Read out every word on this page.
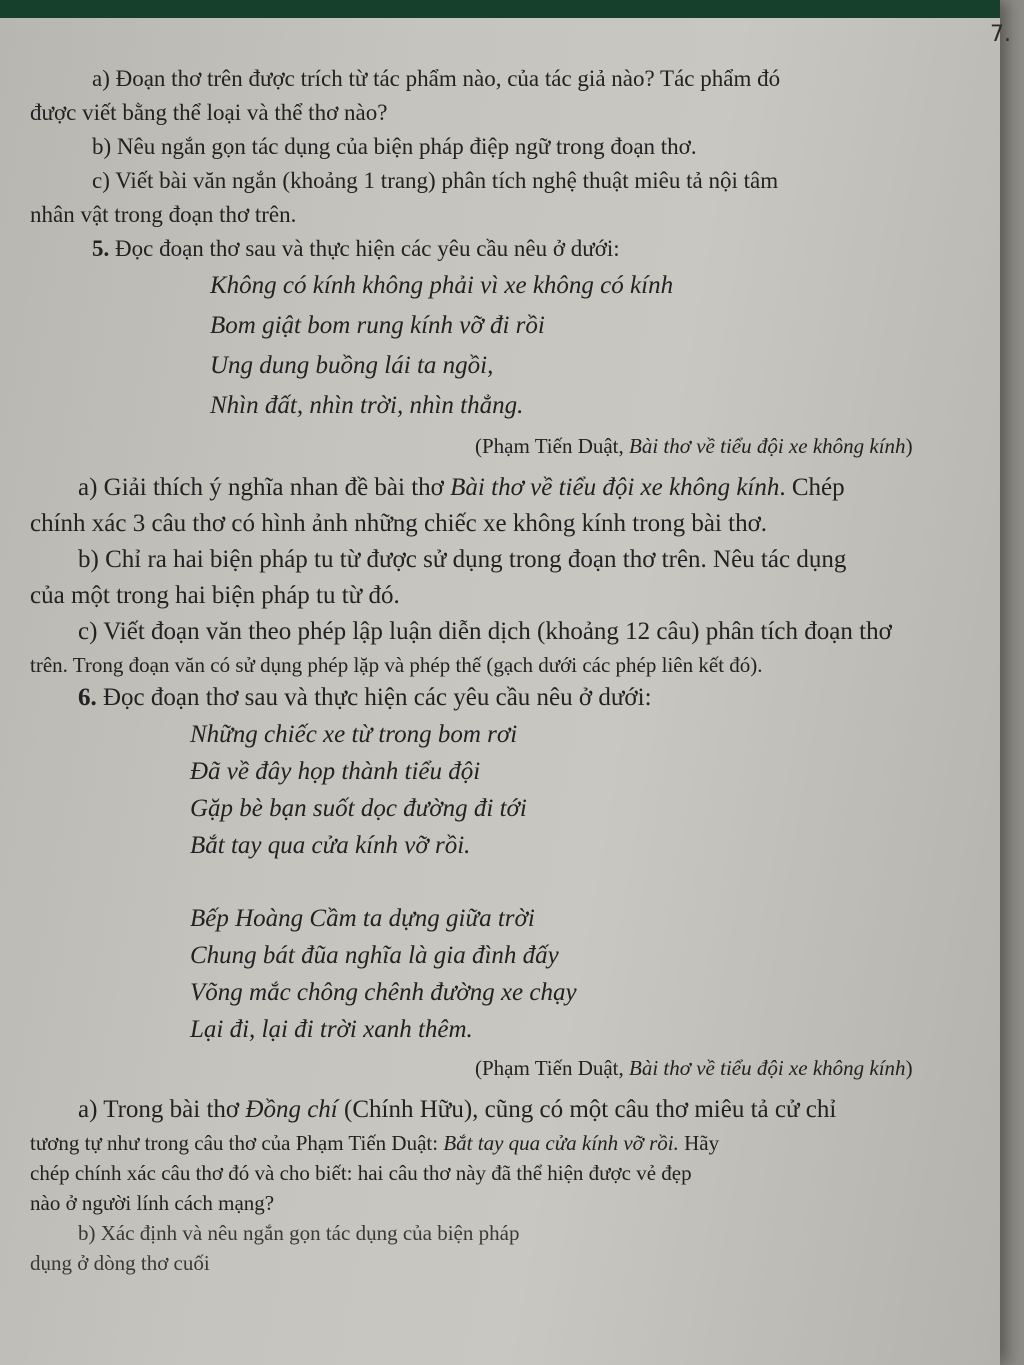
7.

a) Đoạn thơ trên được trích từ tác phẩm nào, của tác giả nào? Tác phẩm đó

được viết bằng thể loại và thể thơ nào?

b) Nêu ngắn gọn tác dụng của biện pháp điệp ngữ trong đoạn thơ.

c) Viết bài văn ngắn (khoảng 1 trang) phân tích nghệ thuật miêu tả nội tâm

nhân vật trong đoạn thơ trên.

5. Đọc đoạn thơ sau và thực hiện các yêu cầu nêu ở dưới:

Không có kính không phải vì xe không có kính

Bom giật bom rung kính vỡ đi rồi

Ung dung buồng lái ta ngồi,

Nhìn đất, nhìn trời, nhìn thẳng.

(Phạm Tiến Duật, Bài thơ về tiểu đội xe không kính)

a) Giải thích ý nghĩa nhan đề bài thơ Bài thơ về tiểu đội xe không kính. Chép

chính xác 3 câu thơ có hình ảnh những chiếc xe không kính trong bài thơ.

b) Chỉ ra hai biện pháp tu từ được sử dụng trong đoạn thơ trên. Nêu tác dụng

của một trong hai biện pháp tu từ đó.

c) Viết đoạn văn theo phép lập luận diễn dịch (khoảng 12 câu) phân tích đoạn thơ

trên. Trong đoạn văn có sử dụng phép lặp và phép thế (gạch dưới các phép liên kết đó).

6. Đọc đoạn thơ sau và thực hiện các yêu cầu nêu ở dưới:

Những chiếc xe từ trong bom rơi

Đã về đây họp thành tiểu đội

Gặp bè bạn suốt dọc đường đi tới

Bắt tay qua cửa kính vỡ rồi.

Bếp Hoàng Cầm ta dựng giữa trời

Chung bát đũa nghĩa là gia đình đấy

Võng mắc chông chênh đường xe chạy

Lại đi, lại đi trời xanh thêm.

(Phạm Tiến Duật, Bài thơ về tiểu đội xe không kính)

a) Trong bài thơ Đồng chí (Chính Hữu), cũng có một câu thơ miêu tả cử chỉ

tương tự như trong câu thơ của Phạm Tiến Duật: Bắt tay qua cửa kính vỡ rồi. Hãy

chép chính xác câu thơ đó và cho biết: hai câu thơ này đã thể hiện được vẻ đẹp

nào ở người lính cách mạng?

b) Xác định và nêu ngắn gọn tác dụng của biện pháp

dụng ở dòng thơ cuối
